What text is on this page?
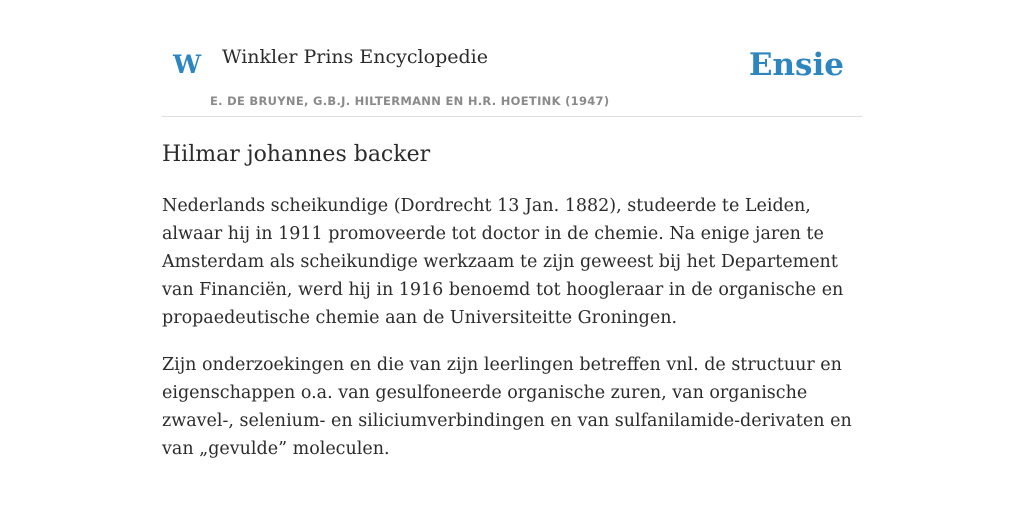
W Winkler Prins Encyclopedie
E. DE BRUYNE, G.B.J. HILTERMANN EN H.R. HOETINK (1947)
Ensie
Hilmar johannes backer

Nederlands scheikundige (Dordrecht 13 Jan. 1882), studeerde te Leiden, alwaar hij in 1911 promoveerde tot doctor in de chemie. Na enige jaren te Amsterdam als scheikundige werkzaam te zijn geweest bij het Departement van Financiën, werd hij in 1916 benoemd tot hoogleraar in de organische en propaedeutische chemie aan de Universiteitte Groningen.

Zijn onderzoekingen en die van zijn leerlingen betreffen vnl. de structuur en eigenschappen o.a. van gesulfoneerde organische zuren, van organische zwavel-, selenium- en siliciumverbindingen en van sulfanilamide-derivaten en van „gevulde” moleculen.
